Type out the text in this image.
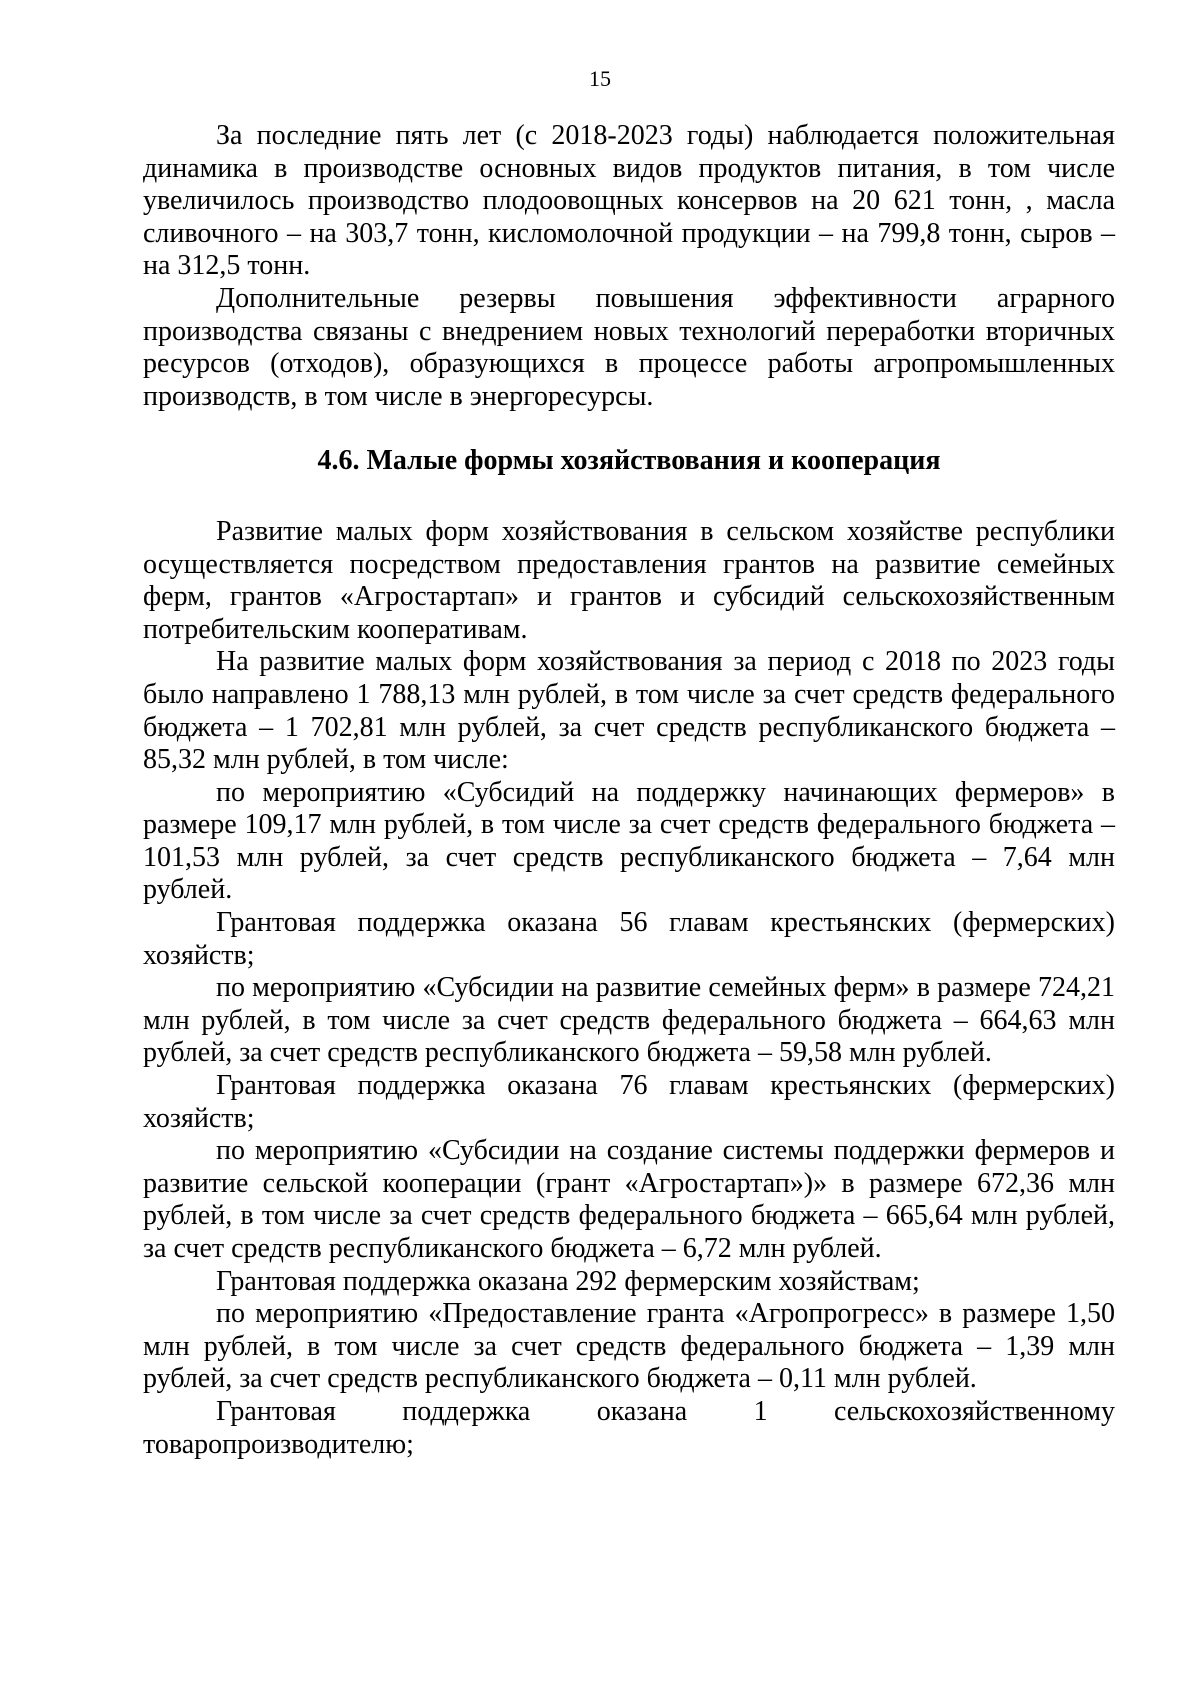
15

За последние пять лет (с 2018-2023 годы) наблюдается положительная динамика в производстве основных видов продуктов питания, в том числе увеличилось производство плодоовощных консервов на 20 621 тонн, , масла сливочного – на 303,7 тонн, кисломолочной продукции – на 799,8 тонн, сыров – на 312,5 тонн.

Дополнительные резервы повышения эффективности аграрного производства связаны с внедрением новых технологий переработки вторичных ресурсов (отходов), образующихся в процессе работы агропромышленных производств, в том числе в энергоресурсы.

4.6. Малые формы хозяйствования и кооперация

Развитие малых форм хозяйствования в сельском хозяйстве республики осуществляется посредством предоставления грантов на развитие семейных ферм, грантов «Агростартап» и грантов и субсидий сельскохозяйственным потребительским кооперативам.

На развитие малых форм хозяйствования за период с 2018 по 2023 годы было направлено 1 788,13 млн рублей, в том числе за счет средств федерального бюджета – 1 702,81 млн рублей, за счет средств республиканского бюджета – 85,32 млн рублей, в том числе:

по мероприятию «Субсидий на поддержку начинающих фермеров» в размере 109,17 млн рублей, в том числе за счет средств федерального бюджета – 101,53 млн рублей, за счет средств республиканского бюджета – 7,64 млн рублей.

Грантовая поддержка оказана 56 главам крестьянских (фермерских) хозяйств;

по мероприятию «Субсидии на развитие семейных ферм» в размере 724,21 млн рублей, в том числе за счет средств федерального бюджета – 664,63 млн рублей, за счет средств республиканского бюджета – 59,58 млн рублей.

Грантовая поддержка оказана 76 главам крестьянских (фермерских) хозяйств;

по мероприятию «Субсидии на создание системы поддержки фермеров и развитие сельской кооперации (грант «Агростартап»)» в размере 672,36 млн рублей, в том числе за счет средств федерального бюджета – 665,64 млн рублей, за счет средств республиканского бюджета – 6,72 млн рублей.

Грантовая поддержка оказана 292 фермерским хозяйствам;

по мероприятию «Предоставление гранта «Агропрогресс» в размере 1,50 млн рублей, в том числе за счет средств федерального бюджета – 1,39 млн рублей, за счет средств республиканского бюджета – 0,11 млн рублей.

Грантовая поддержка оказана 1 сельскохозяйственному товаропроизводителю;
